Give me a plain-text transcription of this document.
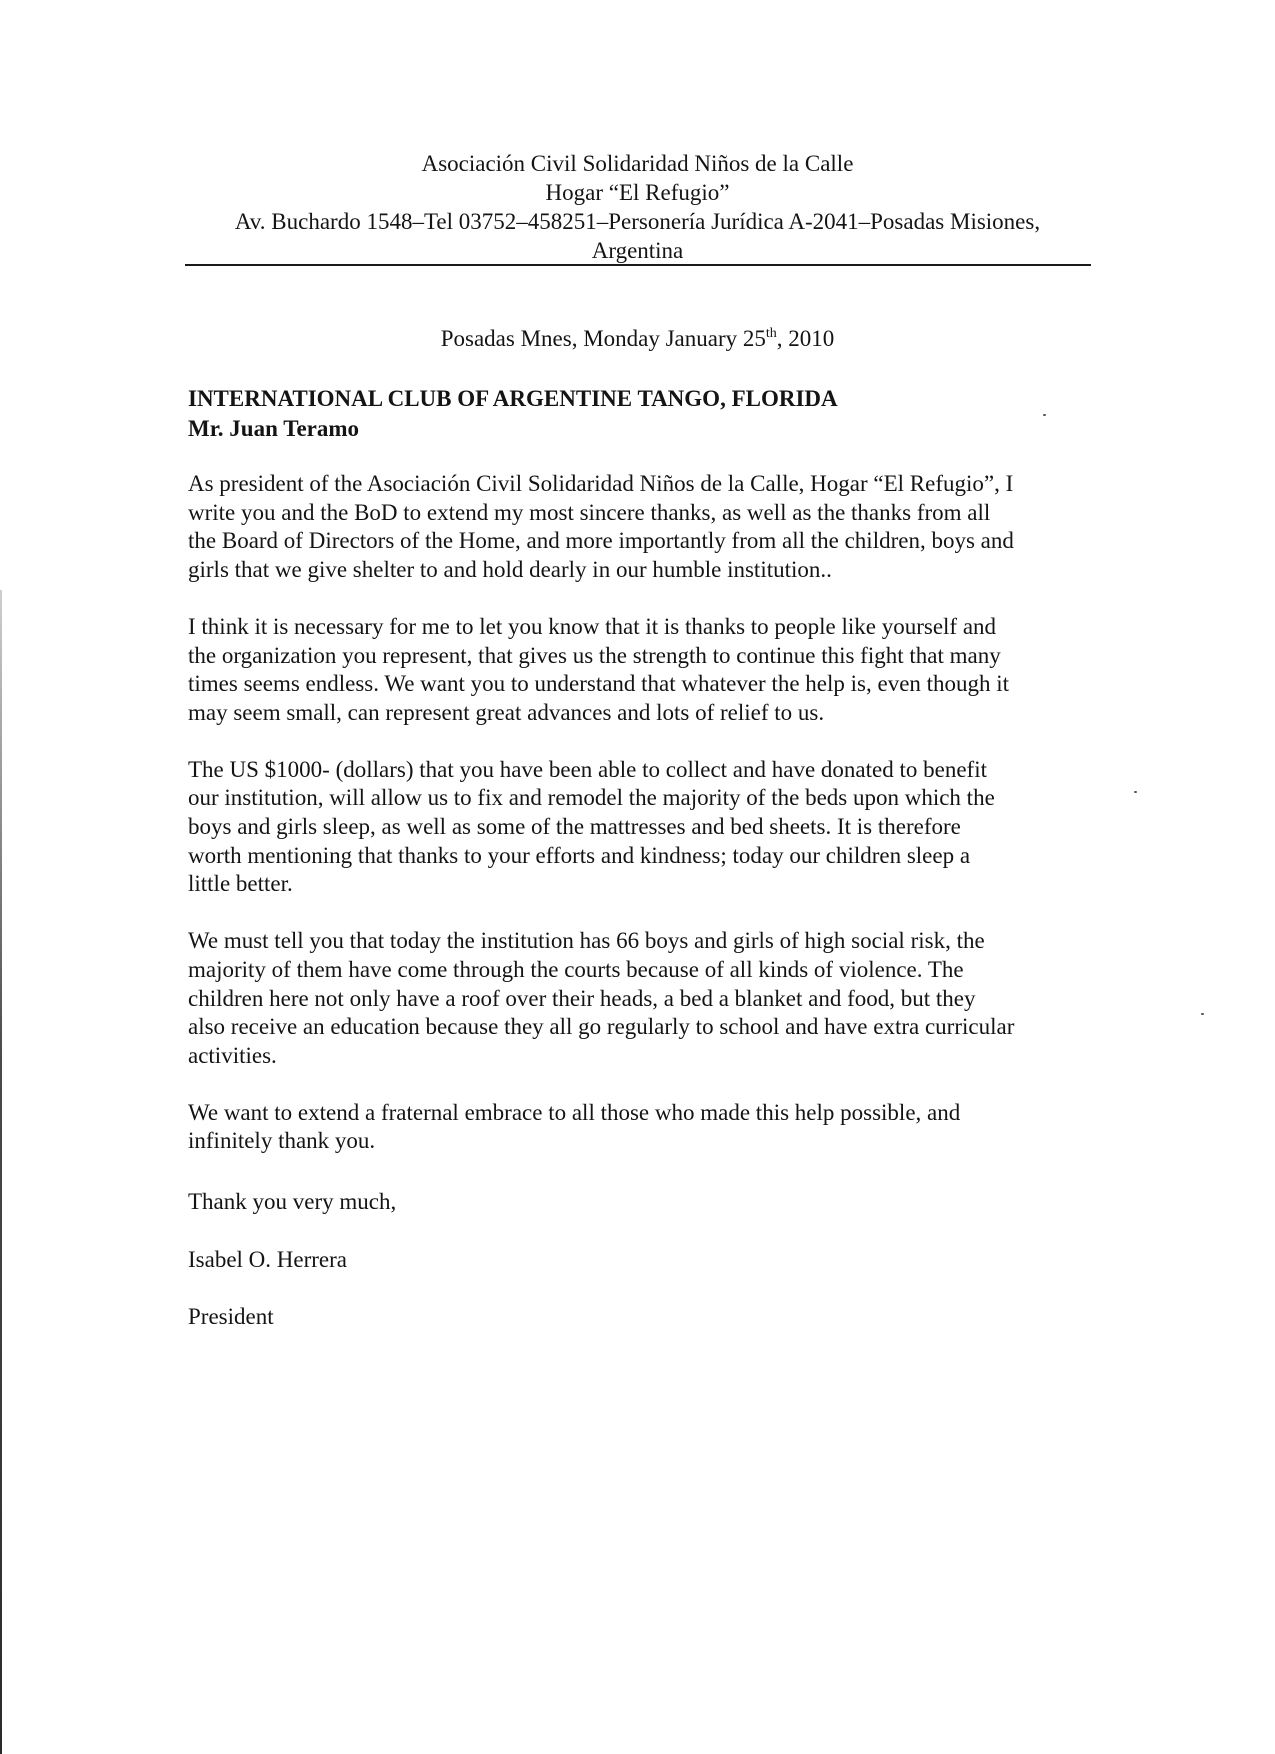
Asociación Civil Solidaridad Niños de la Calle
Hogar “El Refugio”
Av. Buchardo 1548–Tel 03752–458251–Personería Jurídica A-2041–Posadas Misiones,
Argentina
Posadas Mnes, Monday January 25th, 2010
INTERNATIONAL CLUB OF ARGENTINE TANGO, FLORIDA
Mr. Juan Teramo

As president of the Asociación Civil Solidaridad Niños de la Calle, Hogar “El Refugio”, I
write you and the BoD to extend my most sincere thanks, as well as the thanks from all
the Board of Directors of the Home, and more importantly from all the children, boys and
girls that we give shelter to and hold dearly in our humble institution..

I think it is necessary for me to let you know that it is thanks to people like yourself and
the organization you represent, that gives us the strength to continue this fight that many
times seems endless. We want you to understand that whatever the help is, even though it
may seem small, can represent great advances and lots of relief to us.

The US $1000- (dollars) that you have been able to collect and have donated to benefit
our institution, will allow us to fix and remodel the majority of the beds upon which the
boys and girls sleep, as well as some of the mattresses and bed sheets. It is therefore
worth mentioning that thanks to your efforts and kindness; today our children sleep a
little better.

We must tell you that today the institution has 66 boys and girls of high social risk, the
majority of them have come through the courts because of all kinds of violence. The
children here not only have a roof over their heads, a bed a blanket and food, but they
also receive an education because they all go regularly to school and have extra curricular
activities.

We want to extend a fraternal embrace to all those who made this help possible, and
infinitely thank you.

Thank you very much,
Isabel O. Herrera
President
